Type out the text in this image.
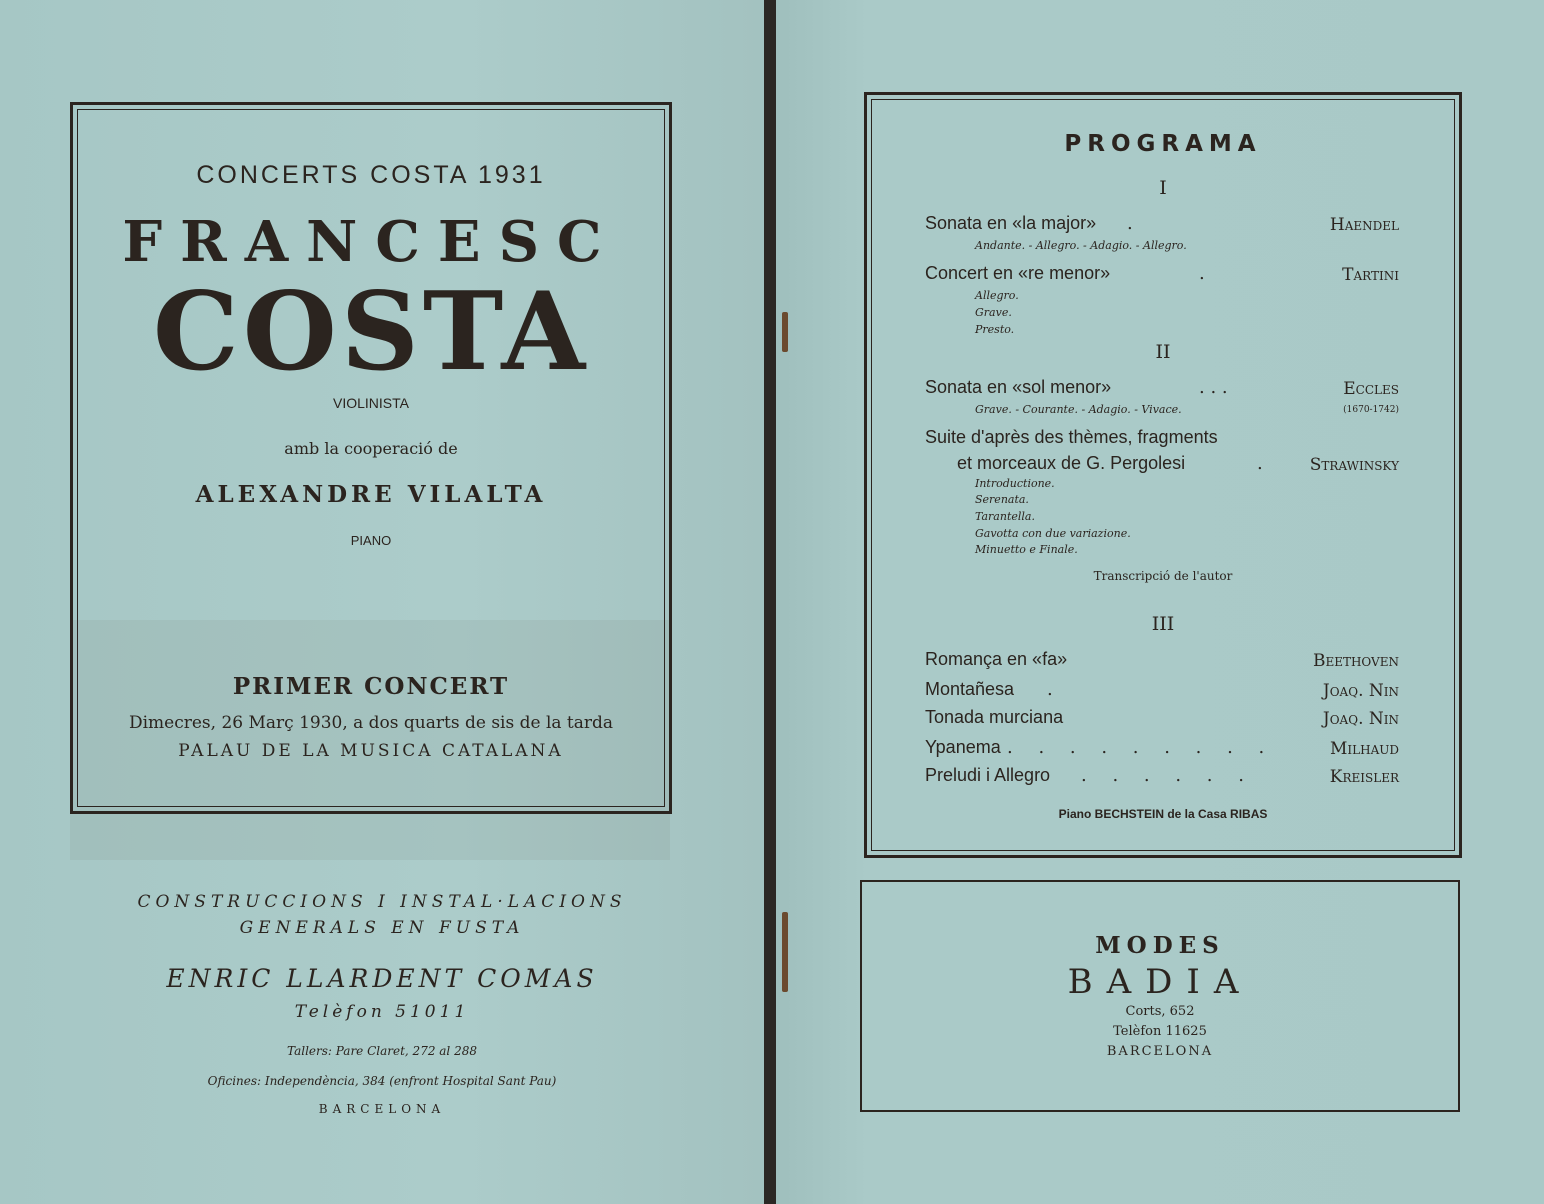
CONCERTS COSTA 1931
FRANCESC
COSTA
VIOLINISTA
amb la cooperació de
ALEXANDRE VILALTA
PIANO
PRIMER CONCERT
Dimecres, 26 Març 1930, a dos quarts de sis de la tarda
PALAU DE LA MUSICA CATALANA
CONSTRUCCIONS I INSTAL·LACIONS
GENERALS EN FUSTA
ENRIC LLARDENT COMAS
Telèfon 51011
Tallers: Pare Claret, 272 al 288
Oficines: Independència, 384 (enfront Hospital Sant Pau)
BARCELONA
PROGRAMA
I
Sonata en «la major» .	Haendel
Andante. - Allegro. - Adagio. - Allegro.
Concert en «re menor»	.	Tartini
Allegro.
Grave.
Presto.
II
Sonata en «sol menor»	. . .	Eccles
Grave. - Courante. - Adagio. - Vivace.	(1670-1742)
Suite d'après des thèmes, fragments
et morceaux de G. Pergolesi	.	Strawinsky
Introductione.
Serenata.
Tarantella.
Gavotta con due variazione.
Minuetto e Finale.
Transcripció de l'autor
III
Romança en «fa»	Beethoven
Montañesa .	Joaq. Nin
Tonada murciana	Joaq. Nin
Ypanema . . . . . . . . .	Milhaud
Preludi i Allegro . . . . . .	Kreisler
Piano BECHSTEIN de la Casa RIBAS
MODES
BADIA
Corts, 652
Telèfon 11625
BARCELONA
